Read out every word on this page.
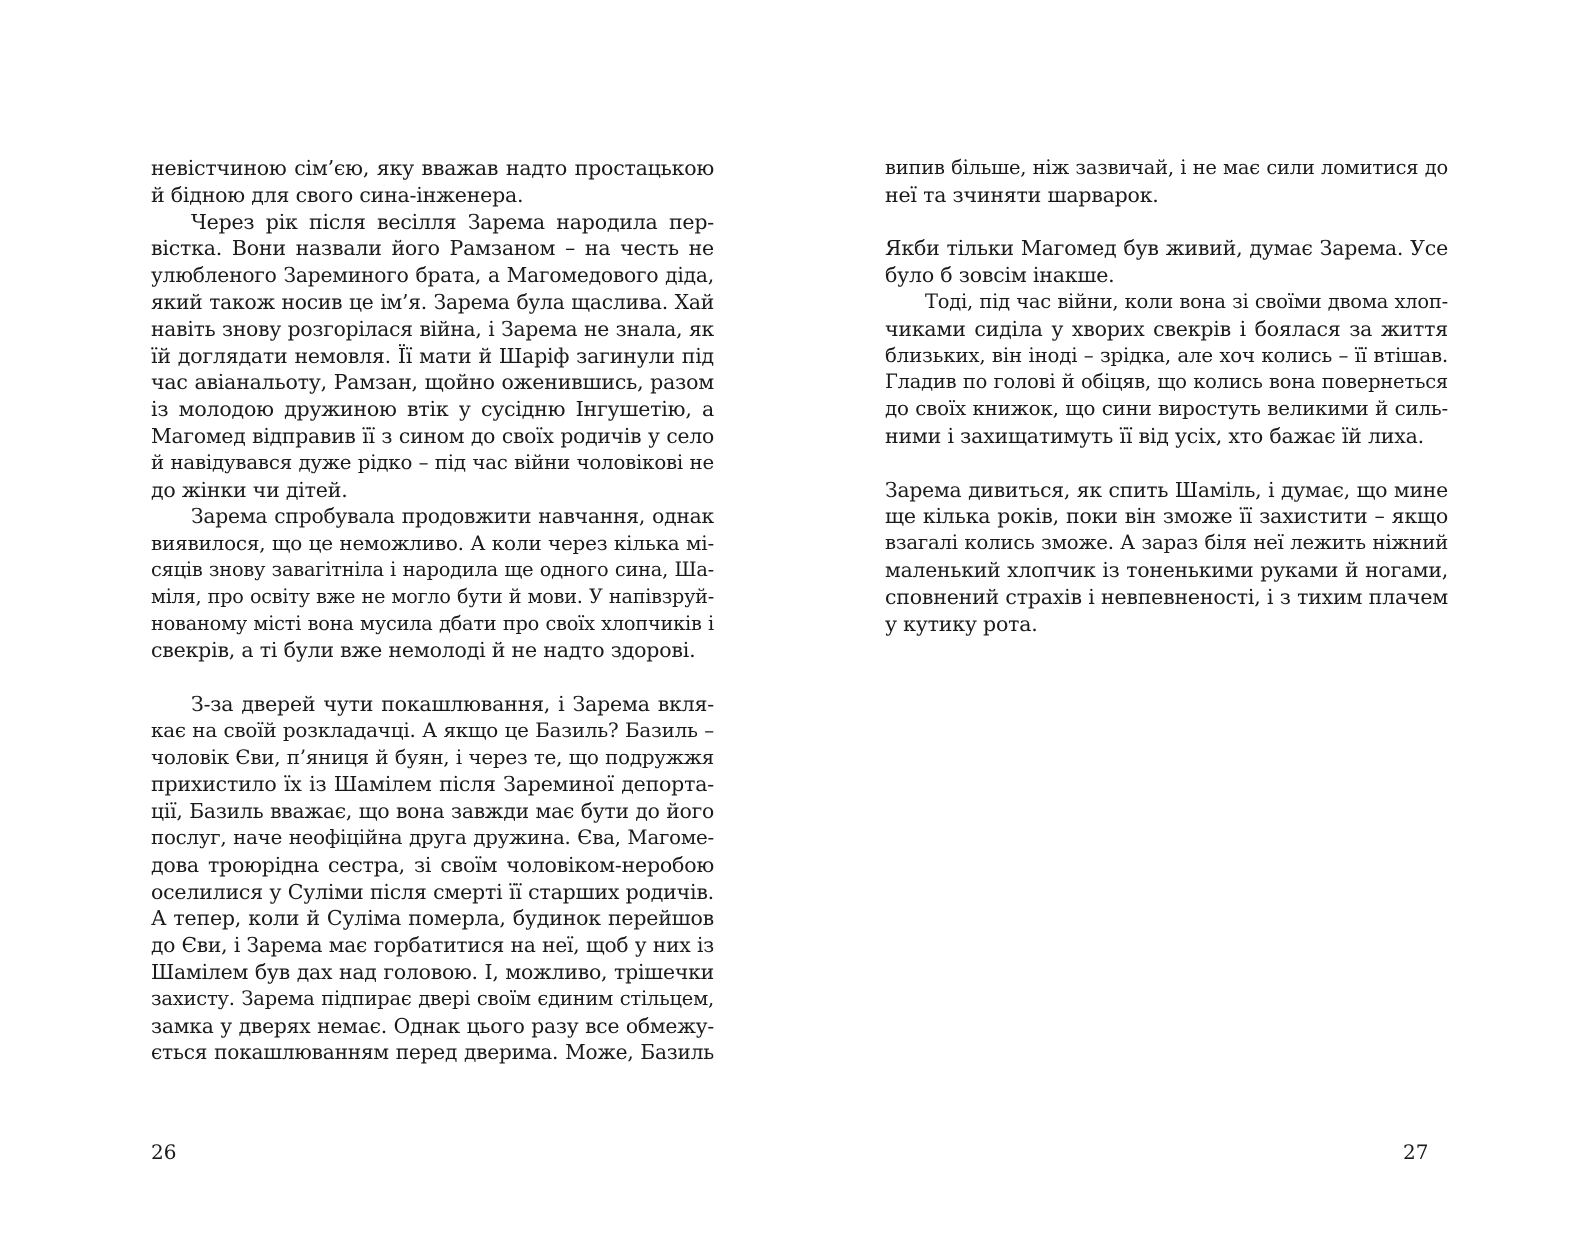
невістчиною сім’єю, яку вважав надто простацькою
й бідною для свого сина-інженера.
Через рік після весілля Зарема народила пер-
вістка. Вони назвали його Рамзаном – на честь не
улюбленого Зареминого брата, а Магомедового діда,
який також носив це ім’я. Зарема була щаслива. Хай
навіть знову розгорілася війна, і Зарема не знала, як
їй доглядати немовля. Її мати й Шаріф загинули під
час авіанальоту, Рамзан, щойно оженившись, разом
із молодою дружиною втік у сусідню Інгушетію, а
Магомед відправив її з сином до своїх родичів у село
й навідувався дуже рідко – під час війни чоловікові не
до жінки чи дітей.
Зарема спробувала продовжити навчання, однак
виявилося, що це неможливо. А коли через кілька мі-
сяців знову завагітніла і народила ще одного сина, Ша-
міля, про освіту вже не могло бути й мови. У напівзруй-
нованому місті вона мусила дбати про своїх хлопчиків і
свекрів, а ті були вже немолоді й не надто здорові.
З-за дверей чути покашлювання, і Зарема вкля-
кає на своїй розкладачці. А якщо це Базиль? Базиль –
чоловік Єви, п’яниця й буян, і через те, що подружжя
прихистило їх із Шамілем після Зареминої депорта-
ції, Базиль вважає, що вона завжди має бути до його
послуг, наче неофіційна друга дружина. Єва, Магоме-
дова троюрідна сестра, зі своїм чоловіком-неробою
оселилися у Суліми після смерті її старших родичів.
А тепер, коли й Суліма померла, будинок перейшов
до Єви, і Зарема має горбатитися на неї, щоб у них із
Шамілем був дах над головою. І, можливо, трішечки
захисту. Зарема підпирає двері своїм єдиним стільцем,
замка у дверях немає. Однак цього разу все обмежу-
ється покашлюванням перед дверима. Може, Базиль
26
випив більше, ніж зазвичай, і не має сили ломитися до
неї та зчиняти шарварок.
Якби тільки Магомед був живий, думає Зарема. Усе
було б зовсім інакше.
Тоді, під час війни, коли вона зі своїми двома хлоп-
чиками сиділа у хворих свекрів і боялася за життя
близьких, він іноді – зрідка, але хоч колись – її втішав.
Гладив по голові й обіцяв, що колись вона повернеться
до своїх книжок, що сини виростуть великими й силь-
ними і захищатимуть її від усіх, хто бажає їй лиха.
Зарема дивиться, як спить Шаміль, і думає, що мине
ще кілька років, поки він зможе її захистити – якщо
взагалі колись зможе. А зараз біля неї лежить ніжний
маленький хлопчик із тоненькими руками й ногами,
сповнений страхів і невпевненості, і з тихим плачем
у кутику рота.
27
